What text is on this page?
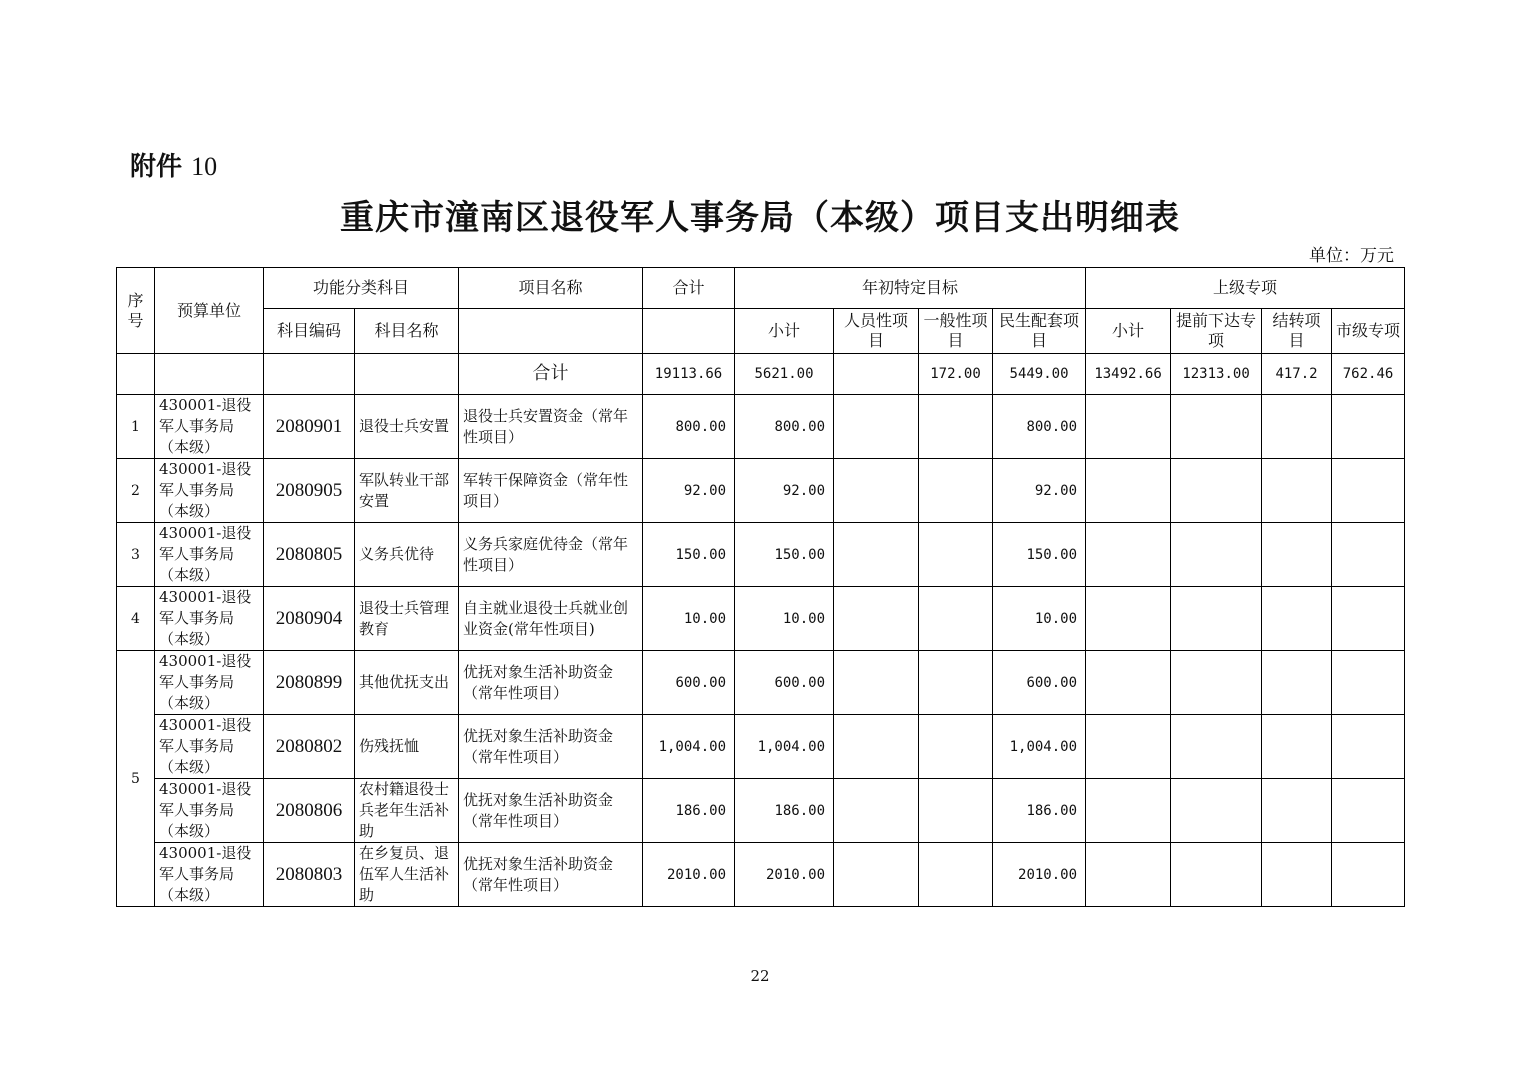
附件 10
重庆市潼南区退役军人事务局（本级）项目支出明细表
单位：万元
序号	预算单位	功能分类科目		项目名称	合计	年初特定目标				上级专项			
		科目编码	科目名称			小计	人员性项目	一般性项目	民生配套项目	小计	提前下达专项	结转项目	市级专项
				合计	19113.66	5621.00		172.00	5449.00	13492.66	12313.00	417.2	762.46
1	430001-退役军人事务局（本级）	2080901	退役士兵安置	退役士兵安置资金（常年性项目）	800.00	800.00			800.00				
2	430001-退役军人事务局（本级）	2080905	军队转业干部安置	军转干保障资金（常年性项目）	92.00	92.00			92.00				
3	430001-退役军人事务局（本级）	2080805	义务兵优待	义务兵家庭优待金（常年性项目）	150.00	150.00			150.00				
4	430001-退役军人事务局（本级）	2080904	退役士兵管理教育	自主就业退役士兵就业创业资金(常年性项目)	10.00	10.00			10.00				
5	430001-退役军人事务局（本级）	2080899	其他优抚支出	优抚对象生活补助资金（常年性项目）	600.00	600.00			600.00				
	430001-退役军人事务局（本级）	2080802	伤残抚恤	优抚对象生活补助资金（常年性项目）	1,004.00	1,004.00			1,004.00				
	430001-退役军人事务局（本级）	2080806	农村籍退役士兵老年生活补助	优抚对象生活补助资金（常年性项目）	186.00	186.00			186.00				
	430001-退役军人事务局（本级）	2080803	在乡复员、退伍军人生活补助	优抚对象生活补助资金（常年性项目）	2010.00	2010.00			2010.00				
22
